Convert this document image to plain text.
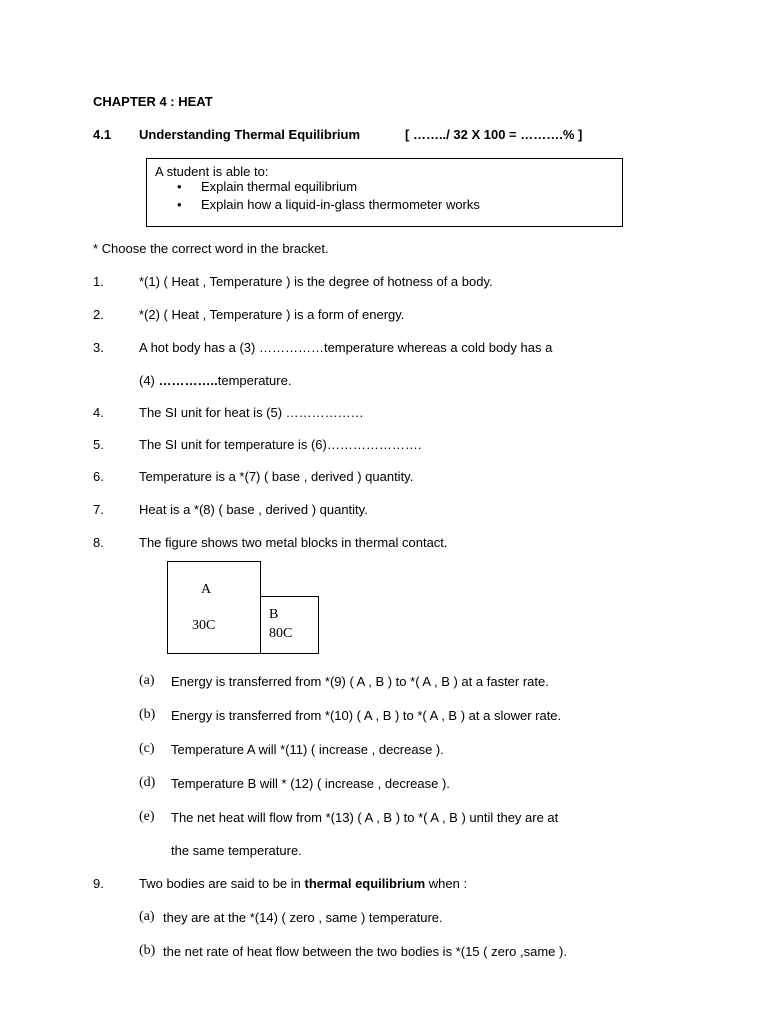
CHAPTER 4 : HEAT
4.1 Understanding Thermal Equilibrium	[ ……../ 32 X 100 = ……….% ]
A student is able to:
• Explain thermal equilibrium
• Explain how a liquid-in-glass thermometer works
* Choose the correct word in the bracket.
1.	*(1) ( Heat , Temperature ) is the degree of hotness of a body.
2.	*(2) ( Heat , Temperature ) is a form of energy.
3.	A hot body has a (3) ……………temperature whereas a cold body has a
(4) …………..temperature.
4.	The SI unit for heat is (5) ………………
5.	The SI unit for temperature is (6)………………….
6.	Temperature is a *(7) ( base , derived ) quantity.
7.	Heat is a *(8) ( base , derived ) quantity.
8.	The figure shows two metal blocks in thermal contact.
A
30C
B
80C
(a) Energy is transferred from *(9) ( A , B ) to *( A , B ) at a faster rate.
(b) Energy is transferred from *(10) ( A , B ) to *( A , B ) at a slower rate.
(c) Temperature A will *(11) ( increase , decrease ).
(d) Temperature B will * (12) ( increase , decrease ).
(e) The net heat will flow from *(13) ( A , B ) to *( A , B ) until they are at
the same temperature.
9.	Two bodies are said to be in thermal equilibrium when :
(a) they are at the *(14) ( zero , same ) temperature.
(b) the net rate of heat flow between the two bodies is *(15 ( zero ,same ).
